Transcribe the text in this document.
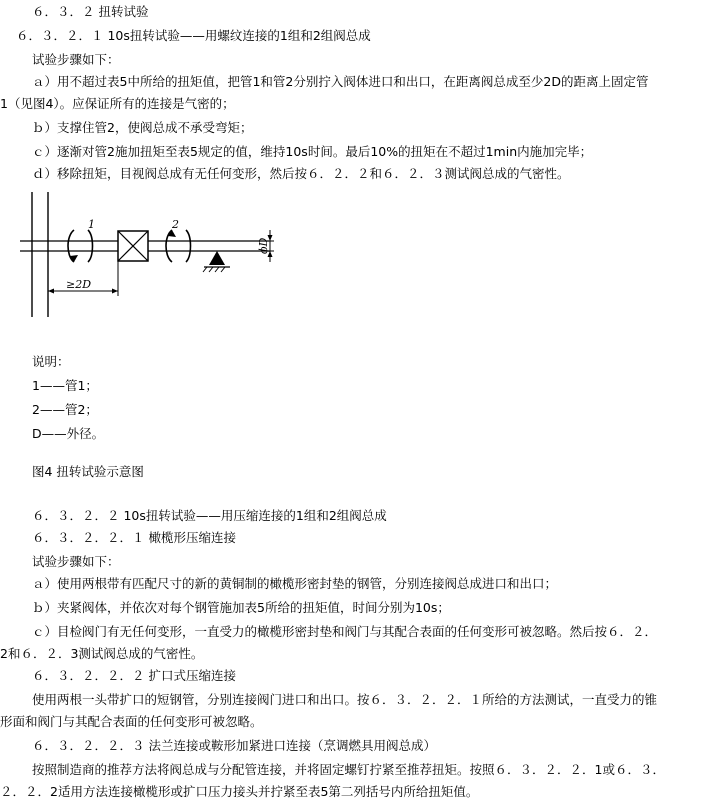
６．３．２ 扭转试验
６．３．２．１ 10s扭转试验——用螺纹连接的1组和2组阀总成
试验步骤如下：
ａ）用不超过表5中所给的扭矩值，把管1和管2分别拧入阀体进口和出口，在距离阀总成至少2D的距离上固定管
1（见图4）。应保证所有的连接是气密的；
ｂ）支撑住管2，使阀总成不承受弯矩；
ｃ）逐渐对管2施加扭矩至表5规定的值，维持10s时间。最后10%的扭矩在不超过1min内施加完毕；
ｄ）移除扭矩，目视阀总成有无任何变形，然后按６．２．２和６．２．３测试阀总成的气密性。
1	2
ϕD
≥2D
说明：
1——管1；
2——管2；
D——外径。
图4 扭转试验示意图
６．３．２．２ 10s扭转试验——用压缩连接的1组和2组阀总成
６．３．２．２．１ 橄榄形压缩连接
试验步骤如下：
ａ）使用两根带有匹配尺寸的新的黄铜制的橄榄形密封垫的钢管，分别连接阀总成进口和出口；
ｂ）夹紧阀体，并依次对每个钢管施加表5所给的扭矩值，时间分别为10s；
ｃ）目检阀门有无任何变形，一直受力的橄榄形密封垫和阀门与其配合表面的任何变形可被忽略。然后按６．２．
2和６．２．3测试阀总成的气密性。
６．３．２．２．２ 扩口式压缩连接
使用两根一头带扩口的短钢管，分别连接阀门进口和出口。按６．３．２．２．１所给的方法测试，一直受力的锥
形面和阀门与其配合表面的任何变形可被忽略。
６．３．２．２．３ 法兰连接或鞍形加紧进口连接（烹调燃具用阀总成）
按照制造商的推荐方法将阀总成与分配管连接，并将固定螺钉拧紧至推荐扭矩。按照６．３．２．２．1或６．３．
２．２．2适用方法连接橄榄形或扩口压力接头并拧紧至表5第二列括号内所给扭矩值。
